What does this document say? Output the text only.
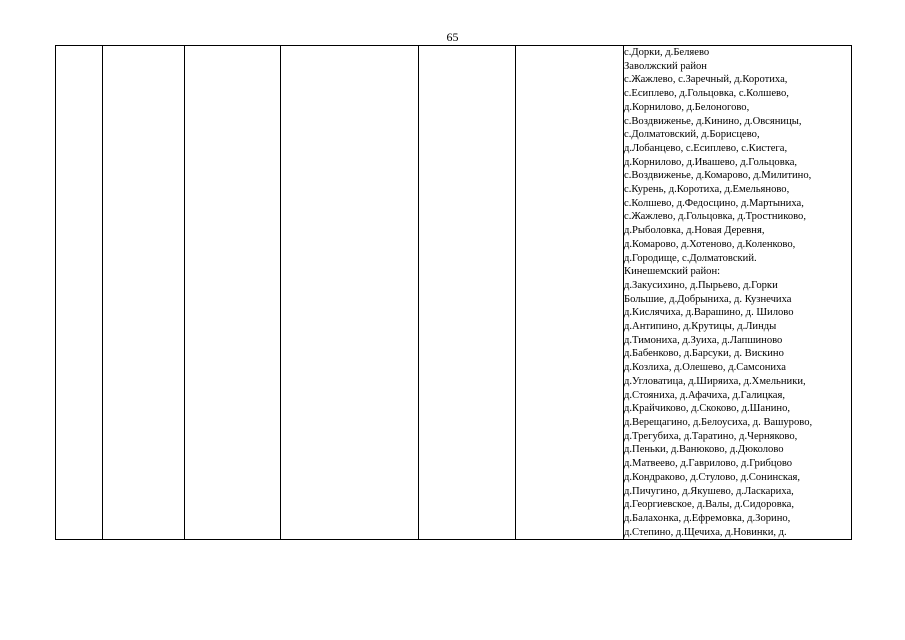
65

с.Дорки, д.Беляево
Заволжский район
с.Жажлево, с.Заречный, д.Коротиха,
с.Есиплево, д.Гольцовка, с.Колшево,
д.Корнилово, д.Белоногово,
с.Воздвиженье, д.Кинино, д.Овсяницы,
с.Долматовский, д.Борисцево,
д.Лобанцево, с.Есиплево, с.Кистега,
д.Корнилово, д.Ивашево, д.Гольцовка,
с.Воздвиженье, д.Комарово, д.Милитино,
с.Курень, д.Коротиха, д.Емельяново,
с.Колшево, д.Федосцино, д.Мартыниха,
с.Жажлево, д.Гольцовка, д.Тростниково,
д.Рыболовка, д.Новая Деревня,
д.Комарово, д.Хотеново, д.Коленково,
д.Городище, с.Долматовский.
Кинешемский район:
д.Закусихино, д.Пырьево, д.Горки
Большие, д.Добрыниха, д. Кузнечиха
д.Кислячиха, д.Варашино, д. Шилово
д.Антипино, д.Крутицы, д.Линды
д.Тимониха, д.Зуиха, д.Лапшиново
д.Бабенково, д.Барсуки, д. Вискино
д.Козлиха, д.Олешево, д.Самсониха
д.Угловатица, д.Ширяиха, д.Хмельники,
д.Стояниха, д.Афачиха, д.Галицкая,
д.Крайчиково, д.Скоково, д.Шанино,
д.Верещагино, д.Белоусиха, д. Вашурово,
д.Трегубиха, д.Таратино, д.Черняково,
д.Пеньки, д.Ванюково, д.Дюколово
д.Матвеево, д.Гаврилово, д.Грибцово
д.Кондраково, д.Стулово, д.Сонинская,
д.Пичугино, д.Якушево, д.Ласкариха,
д.Георгиевское, д.Валы, д.Сидоровка,
д.Балахонка, д.Ефремовка, д.Зорино,
д.Степино, д.Щечиха, д.Новинки, д.
